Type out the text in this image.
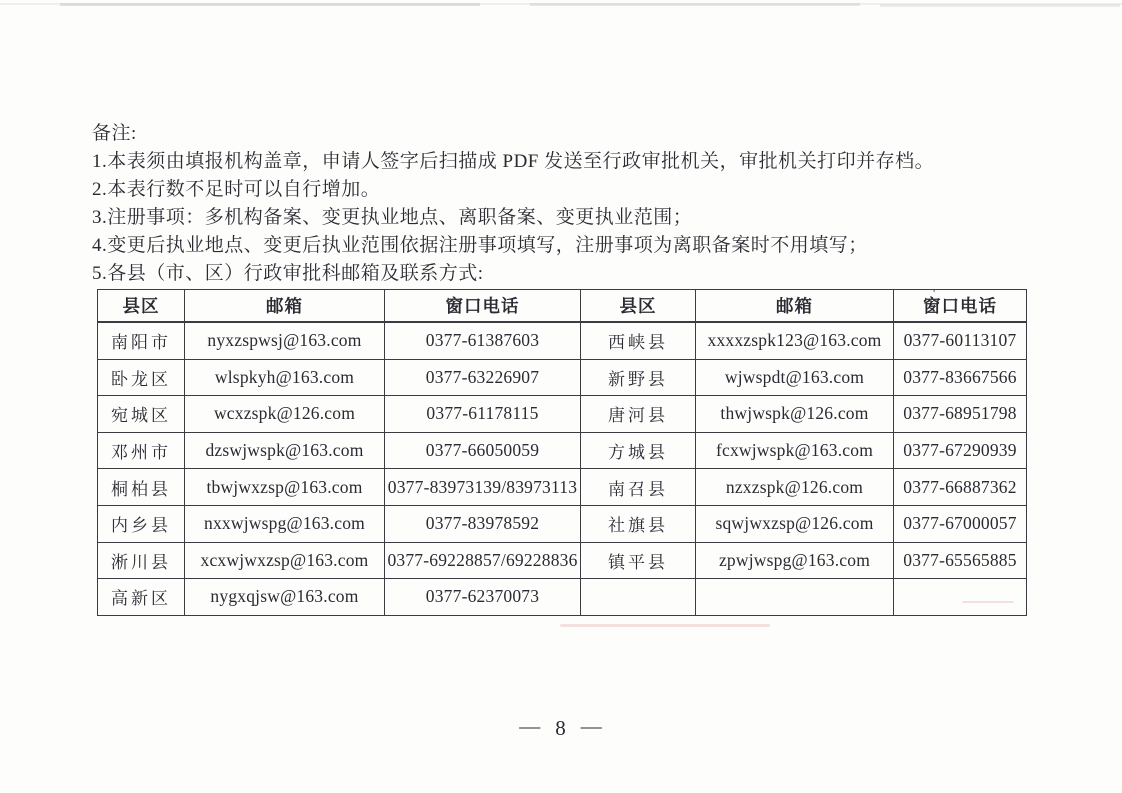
'
备注:
1.本表须由填报机构盖章，申请人签字后扫描成 PDF 发送至行政审批机关，审批机关打印并存档。
2.本表行数不足时可以自行增加。
3.注册事项：多机构备案、变更执业地点、离职备案、变更执业范围；
4.变更后执业地点、变更后执业范围依据注册事项填写，注册事项为离职备案时不用填写；
5.各县（市、区）行政审批科邮箱及联系方式:
县区	邮箱	窗口电话	县区	邮箱	窗口电话
南阳市	nyxzspwsj@163.com	0377-61387603	西峡县	xxxxzspk123@163.com	0377-60113107
卧龙区	wlspkyh@163.com	0377-63226907	新野县	wjwspdt@163.com	0377-83667566
宛城区	wcxzspk@126.com	0377-61178115	唐河县	thwjwspk@126.com	0377-68951798
邓州市	dzswjwspk@163.com	0377-66050059	方城县	fcxwjwspk@163.com	0377-67290939
桐柏县	tbwjwxzsp@163.com	0377-83973139/83973113	南召县	nzxzspk@126.com	0377-66887362
内乡县	nxxwjwspg@163.com	0377-83978592	社旗县	sqwjwxzsp@126.com	0377-67000057
淅川县	xcxwjwxzsp@163.com	0377-69228857/69228836	镇平县	zpwjwspg@163.com	0377-65565885
高新区	nygxqjsw@163.com	0377-62370073			
— 8 —
